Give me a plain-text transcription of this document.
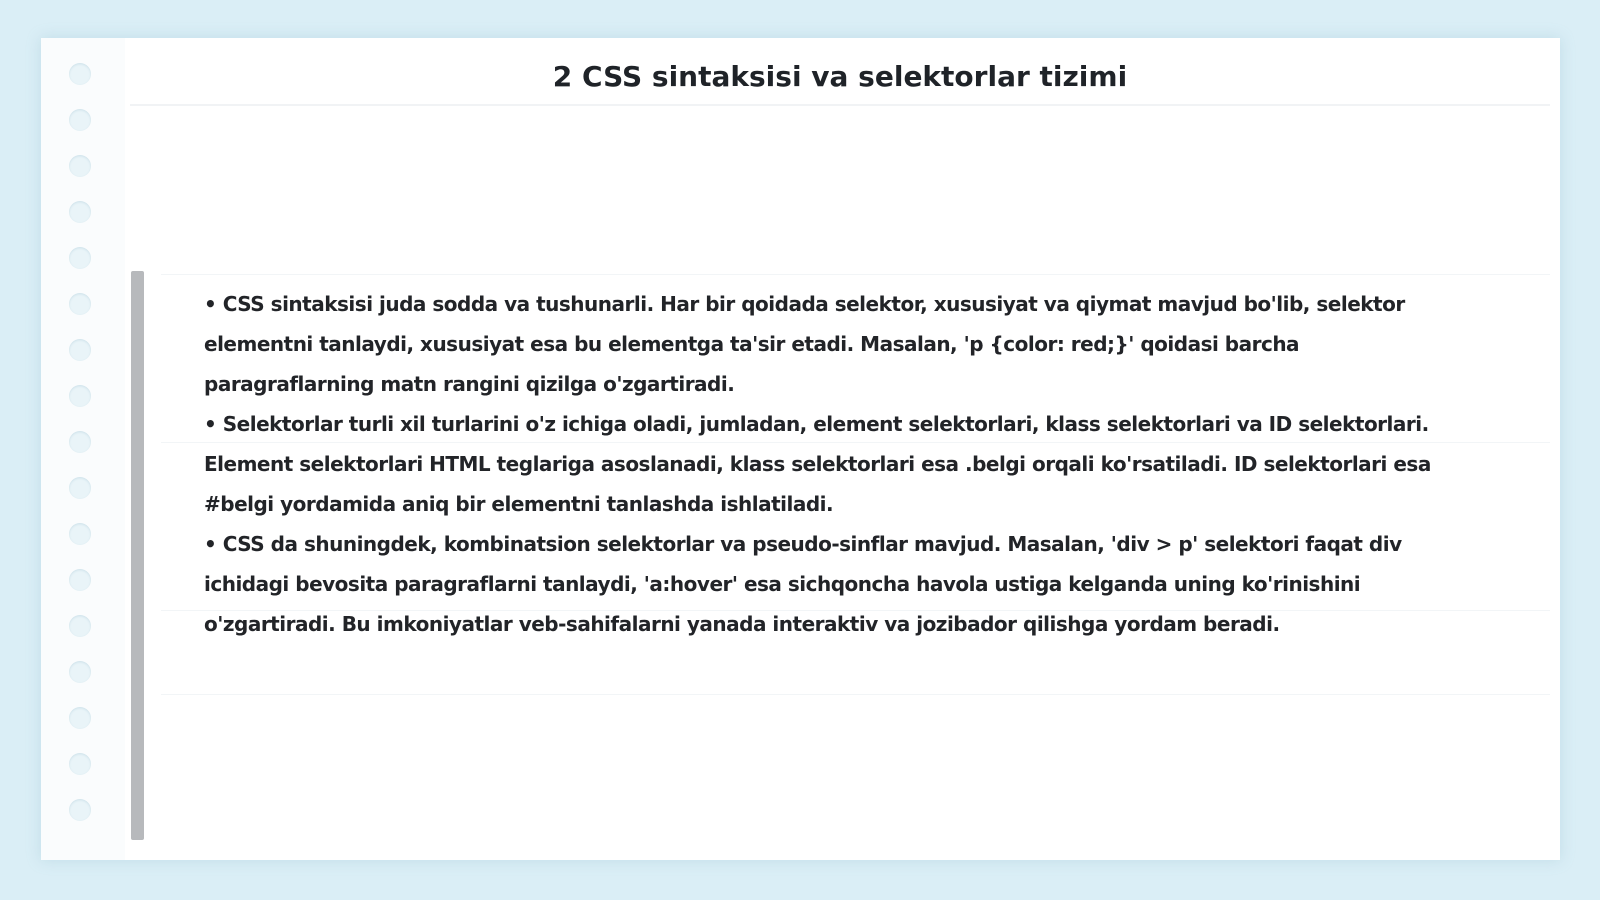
2 CSS sintaksisi va selektorlar tizimi

• CSS sintaksisi juda sodda va tushunarli. Har bir qoidada selektor, xususiyat va qiymat mavjud bo'lib, selektor elementni tanlaydi, xususiyat esa bu elementga ta'sir etadi. Masalan, 'p {color: red;}' qoidasi barcha paragraflarning matn rangini qizilga o'zgartiradi.

• Selektorlar turli xil turlarini o'z ichiga oladi, jumladan, element selektorlari, klass selektorlari va ID selektorlari. Element selektorlari HTML teglariga asoslanadi, klass selektorlari esa .belgi orqali ko'rsatiladi. ID selektorlari esa #belgi yordamida aniq bir elementni tanlashda ishlatiladi.

• CSS da shuningdek, kombinatsion selektorlar va pseudo-sinflar mavjud. Masalan, 'div > p' selektori faqat div ichidagi bevosita paragraflarni tanlaydi, 'a:hover' esa sichqoncha havola ustiga kelganda uning ko'rinishini o'zgartiradi. Bu imkoniyatlar veb-sahifalarni yanada interaktiv va jozibador qilishga yordam beradi.
